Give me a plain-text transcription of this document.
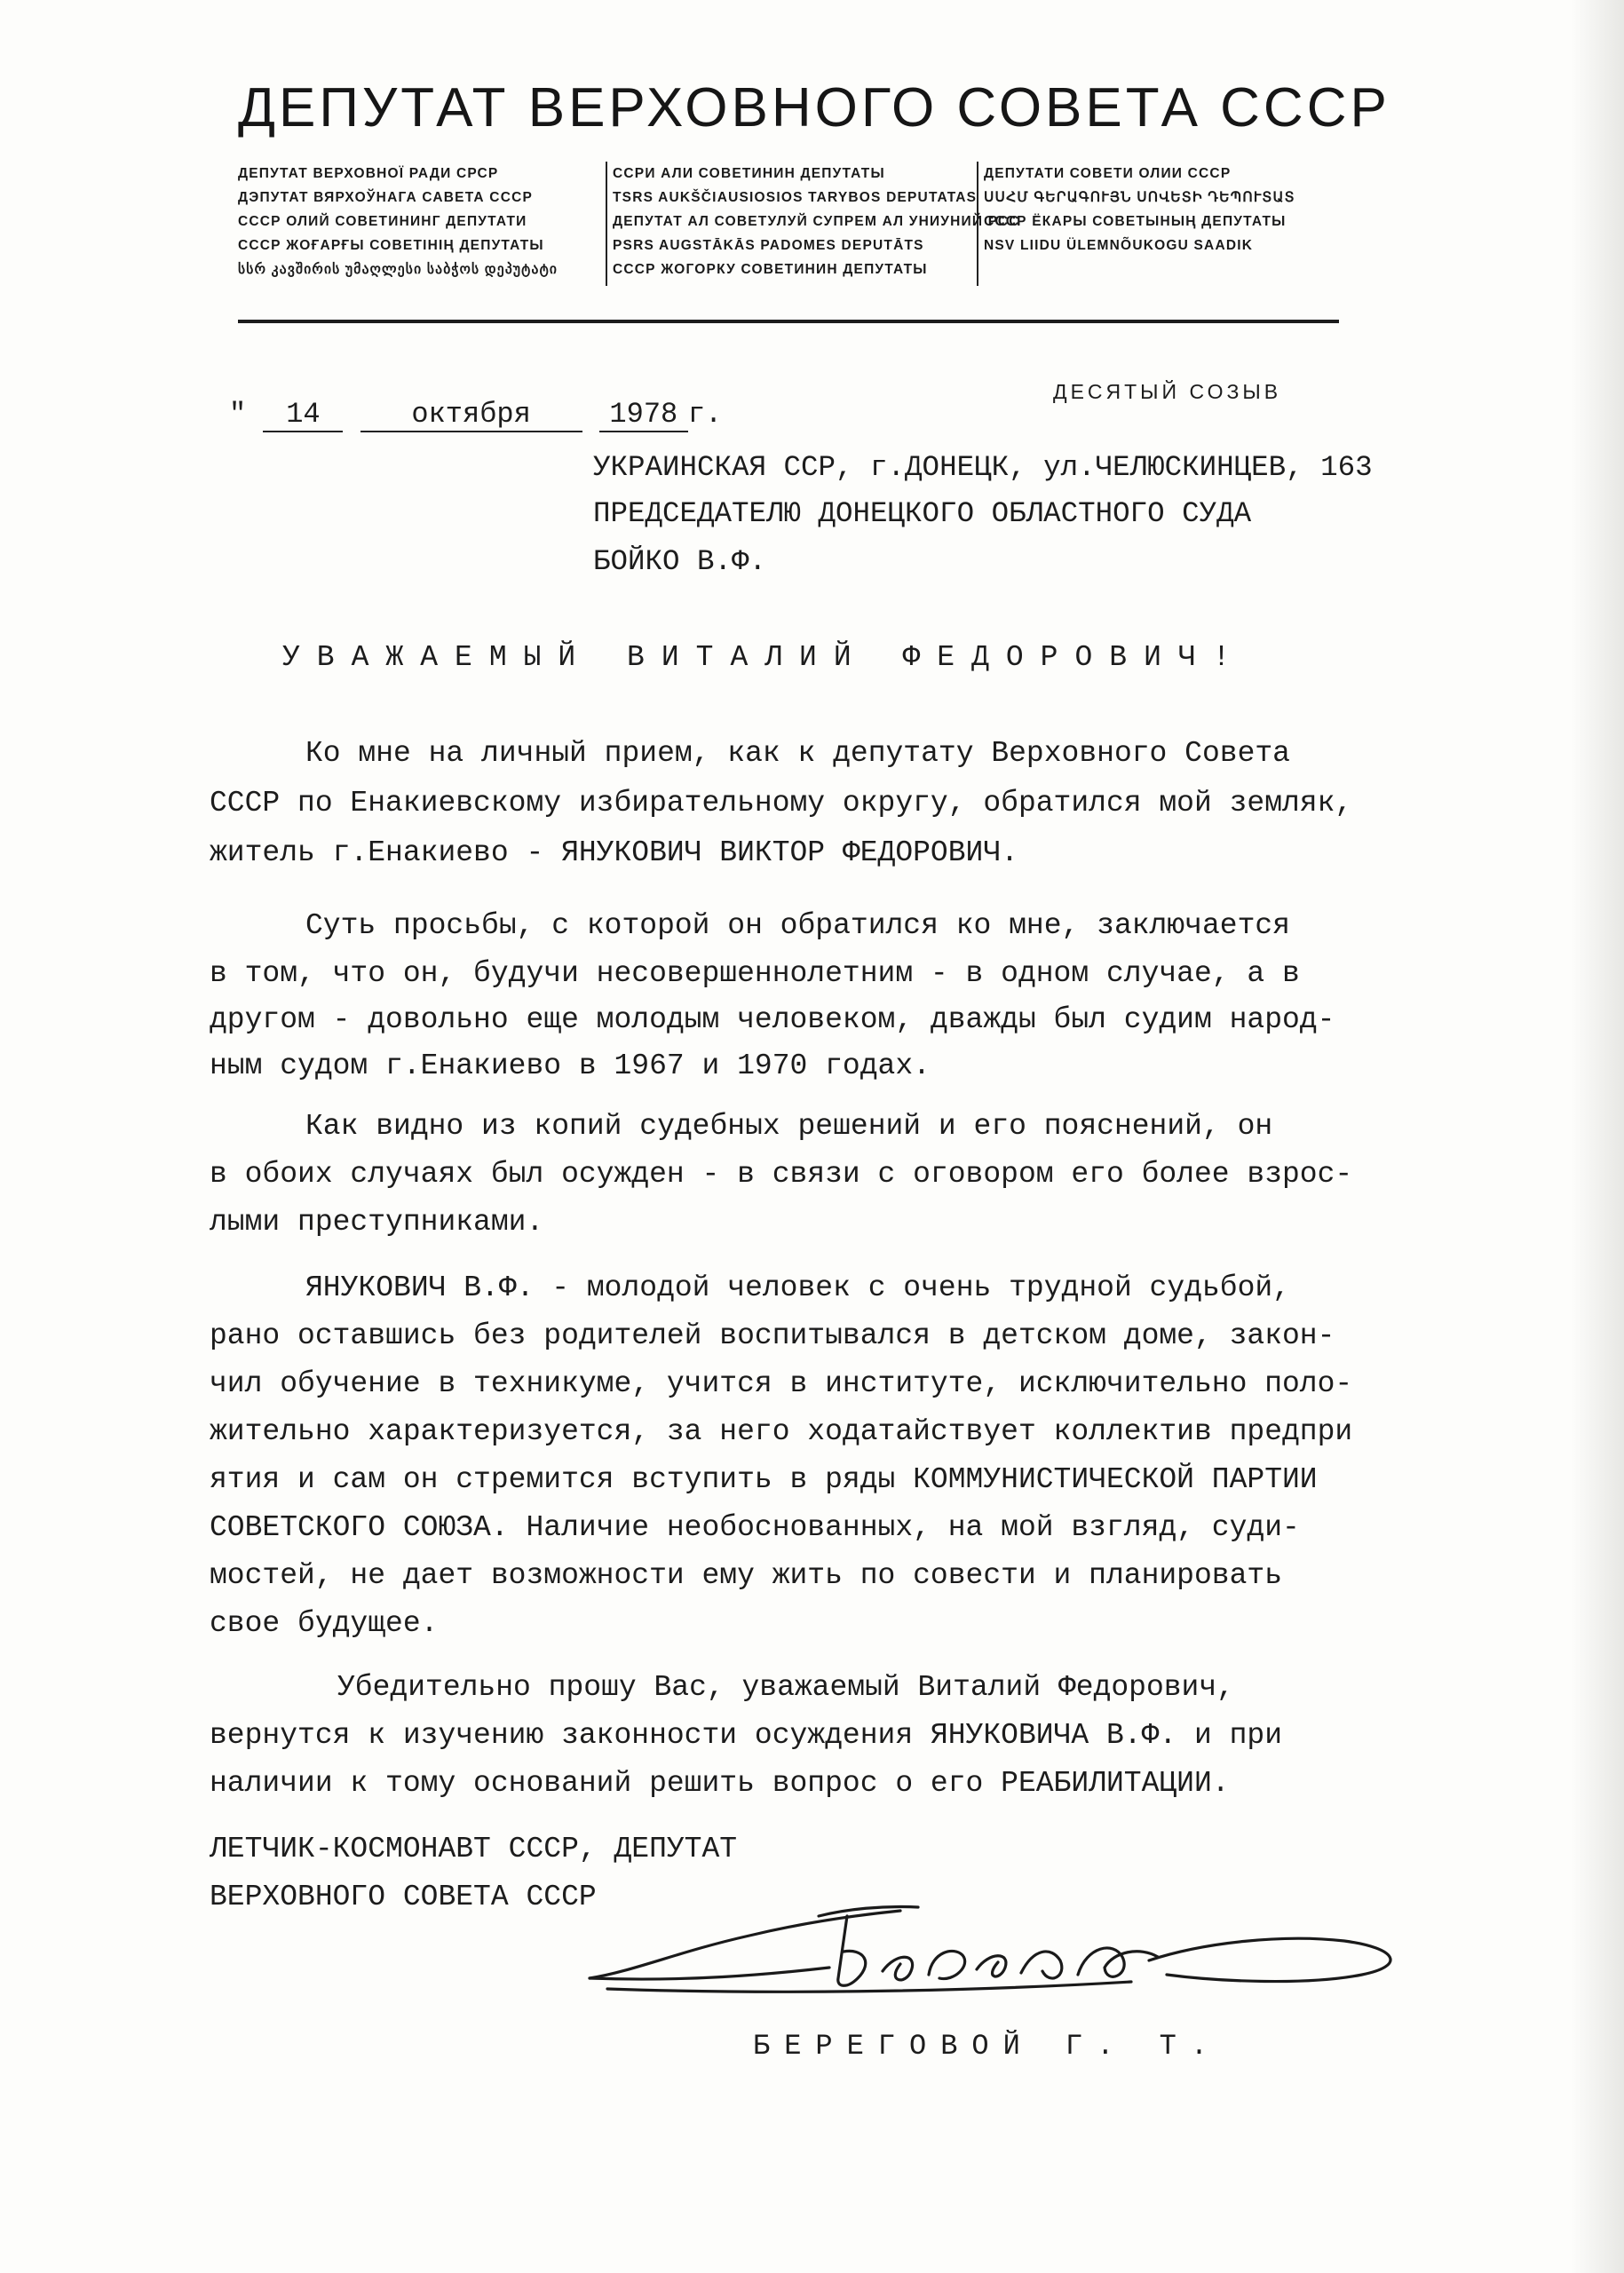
ДЕПУТАТ ВЕРХОВНОГО СОВЕТА СССР
ДЕПУТАТ ВЕРХОВНОЇ РАДИ СРСР
ДЭПУТАТ ВЯРХОЎНАГА САВЕТА СССР
СССР ОЛИЙ СОВЕТИНИНГ ДЕПУТАТИ
СССР ЖОҒАРҒЫ СОВЕТІНІҢ ДЕПУТАТЫ
სსრ კავშირის უმაღლესი საბჭოს დეპუტატი
ССРИ АЛИ СОВЕТИНИН ДЕПУТАТЫ
TSRS AUKŠČIAUSIOSIOS TARYBOS DEPUTATAS
ДЕПУТАТ АЛ СОВЕТУЛУЙ СУПРЕМ АЛ УНИУНИЙ РСС
PSRS AUGSTĀKĀS PADOMES DEPUTĀTS
СССР ЖОГОРКУ СОВЕТИНИН ДЕПУТАТЫ
ДЕПУТАТИ СОВЕТИ ОЛИИ СССР
ՍՍՀՄ ԳԵՐԱԳՈՒՅՆ ՍՈՎԵՏԻ ԴԵՊՈՒՏԱՏ
СССР ЁКАРЫ СОВЕТЫНЫҢ ДЕПУТАТЫ
NSV LIIDU ÜLEMNÕUKOGU SAADIK
" 14	октября	1978 г.
ДЕСЯТЫЙ СОЗЫВ
УКРАИНСКАЯ ССР, г.ДОНЕЦК, ул.ЧЕЛЮСКИНЦЕВ, 163
ПРЕДСЕДАТЕЛЮ ДОНЕЦКОГО ОБЛАСТНОГО СУДА
БОЙКО В.Ф.
УВАЖАЕМЫЙ ВИТАЛИЙ ФЕДОРОВИЧ!
Ко мне на личный прием, как к депутату Верховного Совета
СССР по Енакиевскому избирательному округу, обратился мой земляк,
житель г.Енакиево - ЯНУКОВИЧ ВИКТОР ФЕДОРОВИЧ.
Суть просьбы, с которой он обратился ко мне, заключается
в том, что он, будучи несовершеннолетним - в одном случае, а в
другом - довольно еще молодым человеком, дважды был судим народ-
ным судом г.Енакиево в 1967 и 1970 годах.
Как видно из копий судебных решений и его пояснений, он
в обоих случаях был осужден - в связи с оговором его более взрос-
лыми преступниками.
ЯНУКОВИЧ В.Ф. - молодой человек с очень трудной судьбой,
рано оставшись без родителей воспитывался в детском доме, закон-
чил обучение в техникуме, учится в институте, исключительно поло-
жительно характеризуется, за него ходатайствует коллектив предпри
ятия и сам он стремится вступить в ряды КОММУНИСТИЧЕСКОЙ ПАРТИИ
СОВЕТСКОГО СОЮЗА. Наличие необоснованных, на мой взгляд, суди-
мостей, не дает возможности ему жить по совести и планировать
свое будущее.
Убедительно прошу Вас, уважаемый Виталий Федорович,
вернутся к изучению законности осуждения ЯНУКОВИЧА В.Ф. и при
наличии к тому оснований решить вопрос о его РЕАБИЛИТАЦИИ.
ЛЕТЧИК-КОСМОНАВТ СССР, ДЕПУТАТ
ВЕРХОВНОГО СОВЕТА СССР
БЕРЕГОВОЙ Г. Т.
